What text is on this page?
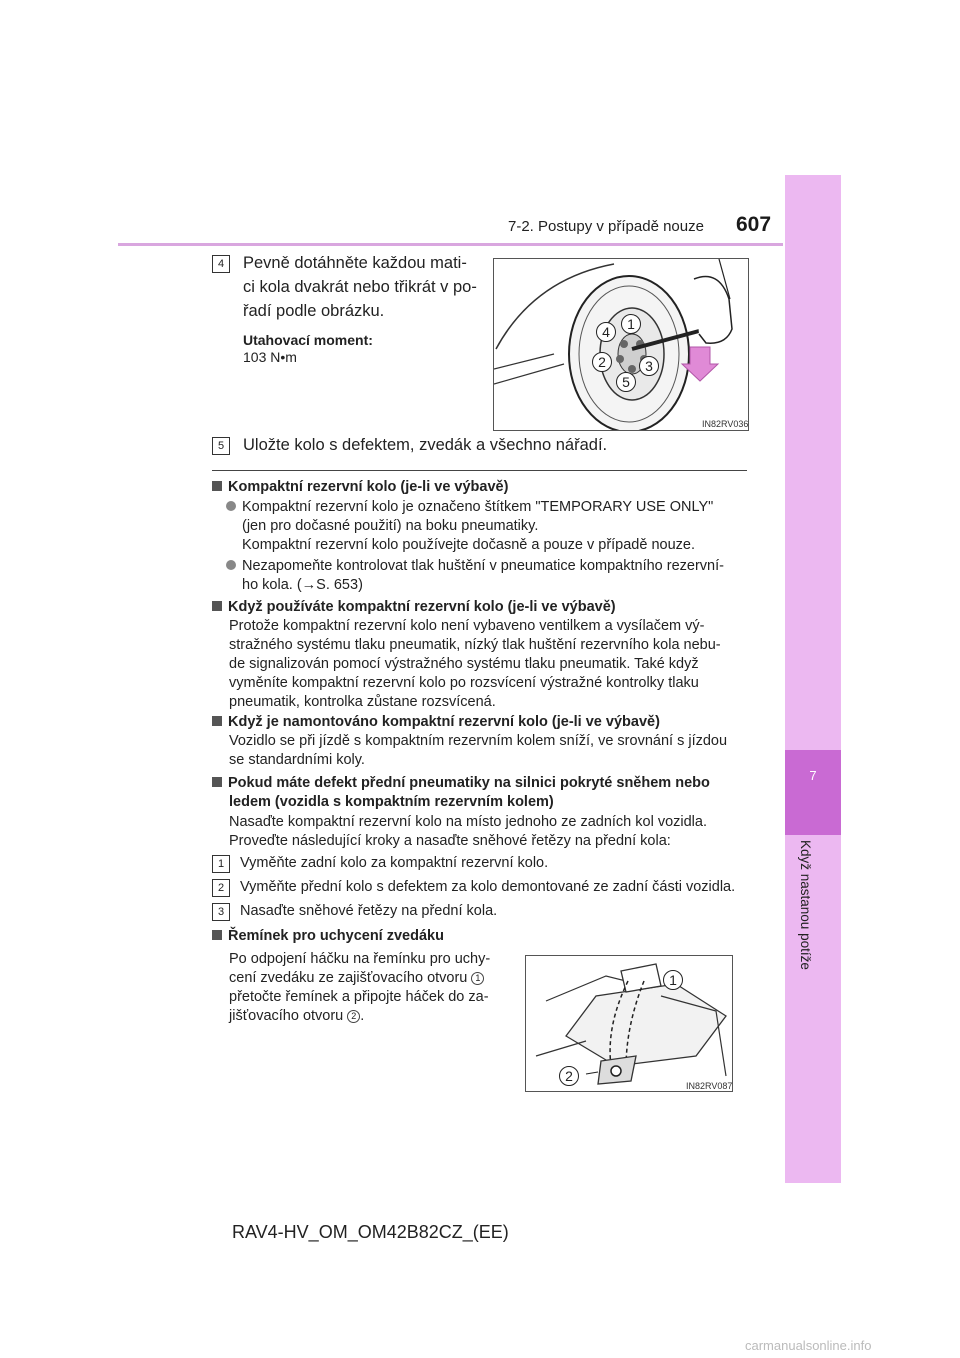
7-2. Postupy v případě nouze 607
7
Když nastanou potíže
4	Pevně dotáhněte každou mati-
ci kola dvakrát nebo třikrát v po-
řadí podle obrázku.
Utahovací moment:
103 N•m
4	1
2	3
5
IN82RV036
5	Uložte kolo s defektem, zvedák a všechno nářadí.
Kompaktní rezervní kolo (je-li ve výbavě)
Kompaktní rezervní kolo je označeno štítkem "TEMPORARY USE ONLY"
(jen pro dočasné použití) na boku pneumatiky.
Kompaktní rezervní kolo používejte dočasně a pouze v případě nouze.
Nezapomeňte kontrolovat tlak huštění v pneumatice kompaktního rezervní-
ho kola. (→S. 653)
Když používáte kompaktní rezervní kolo (je-li ve výbavě)
Protože kompaktní rezervní kolo není vybaveno ventilkem a vysílačem vý-
stražného systému tlaku pneumatik, nízký tlak huštění rezervního kola nebu-
de signalizován pomocí výstražného systému tlaku pneumatik. Také když
vyměníte kompaktní rezervní kolo po rozsvícení výstražné kontrolky tlaku
pneumatik, kontrolka zůstane rozsvícená.
Když je namontováno kompaktní rezervní kolo (je-li ve výbavě)
Vozidlo se při jízdě s kompaktním rezervním kolem sníží, ve srovnání s jízdou
se standardními koly.
Pokud máte defekt přední pneumatiky na silnici pokryté sněhem nebo
ledem (vozidla s kompaktním rezervním kolem)
Nasaďte kompaktní rezervní kolo na místo jednoho ze zadních kol vozidla.
Proveďte následující kroky a nasaďte sněhové řetězy na přední kola:
1	Vyměňte zadní kolo za kompaktní rezervní kolo.
2	Vyměňte přední kolo s defektem za kolo demontované ze zadní části vozidla.
3	Nasaďte sněhové řetězy na přední kola.
Řemínek pro uchycení zvedáku
Po odpojení háčku na řemínku pro uchy-
cení zvedáku ze zajišťovacího otvoru 1
přetočte řemínek a připojte háček do za-
jišťovacího otvoru 2 .
1
2
IN82RV087
RAV4-HV_OM_OM42B82CZ_(EE)
carmanualsonline.info
